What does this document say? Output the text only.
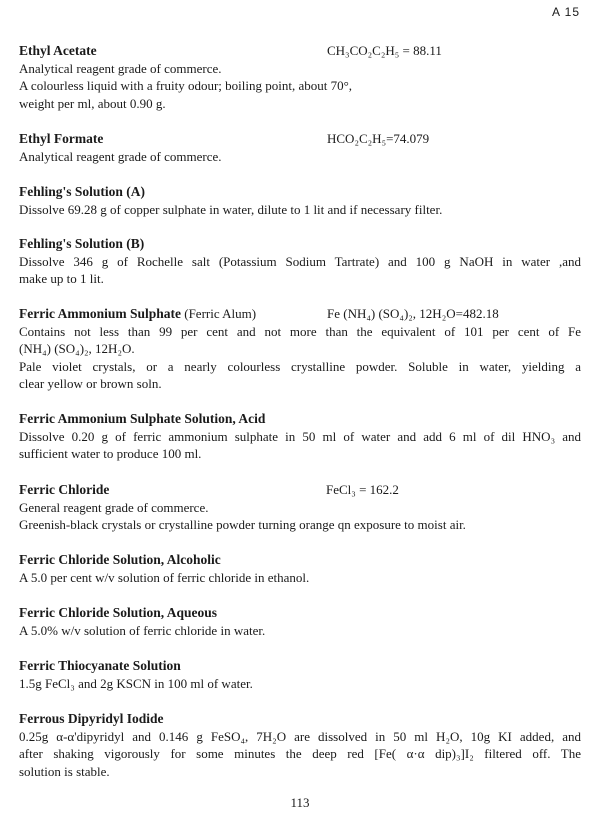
A 15
Ethyl Acetate	CH₃CO₂C₂H₅ = 88.11
Analytical reagent grade of commerce.
A colourless liquid with a fruity odour; boiling point, about 70°,
weight per ml, about 0.90 g.
Ethyl Formate	HCO₂C₂H₅=74.079
Analytical reagent grade of commerce.
Fehling's Solution (A)
Dissolve 69.28 g of copper sulphate in water, dilute to 1 lit and if necessary filter.
Fehling's Solution (B)
Dissolve 346 g of Rochelle salt (Potassium Sodium Tartrate) and 100 g NaOH in water ,and
make up to 1 lit.
Ferric Ammonium Sulphate (Ferric Alum)	Fe (NH₄) (SO₄)₂, 12H₂O=482.18
Contains not less than 99 per cent and not more than the equivalent of 101 per cent of Fe
(NH₄) (SO₄)₂, 12H₂O.
Pale violet crystals, or a nearly colourless crystalline powder. Soluble in water, yielding a
clear yellow or brown soln.
Ferric Ammonium Sulphate Solution, Acid
Dissolve 0.20 g of ferric ammonium sulphate in 50 ml of water and add 6 ml of dil HNO₃ and
sufficient water to produce 100 ml.
Ferric Chloride	FeCl₃ = 162.2
General reagent grade of commerce.
Greenish-black crystals or crystalline powder turning orange qn exposure to moist air.
Ferric Chloride Solution, Alcoholic
A 5.0 per cent w/v solution of ferric chloride in ethanol.
Ferric Chloride Solution, Aqueous
A 5.0% w/v solution of ferric chloride in water.
Ferric Thiocyanate Solution
1.5g FeCl₃ and 2g KSCN in 100 ml of water.
Ferrous Dipyridyl Iodide
0.25g α-α'dipyridyl and 0.146 g FeSO₄, 7H₂O are dissolved in 50 ml H₂O, 10g KI added, and
after shaking vigorously for some minutes the deep red [Fe( α·α dip)₃]I₂ filtered off. The
solution is stable.
113
